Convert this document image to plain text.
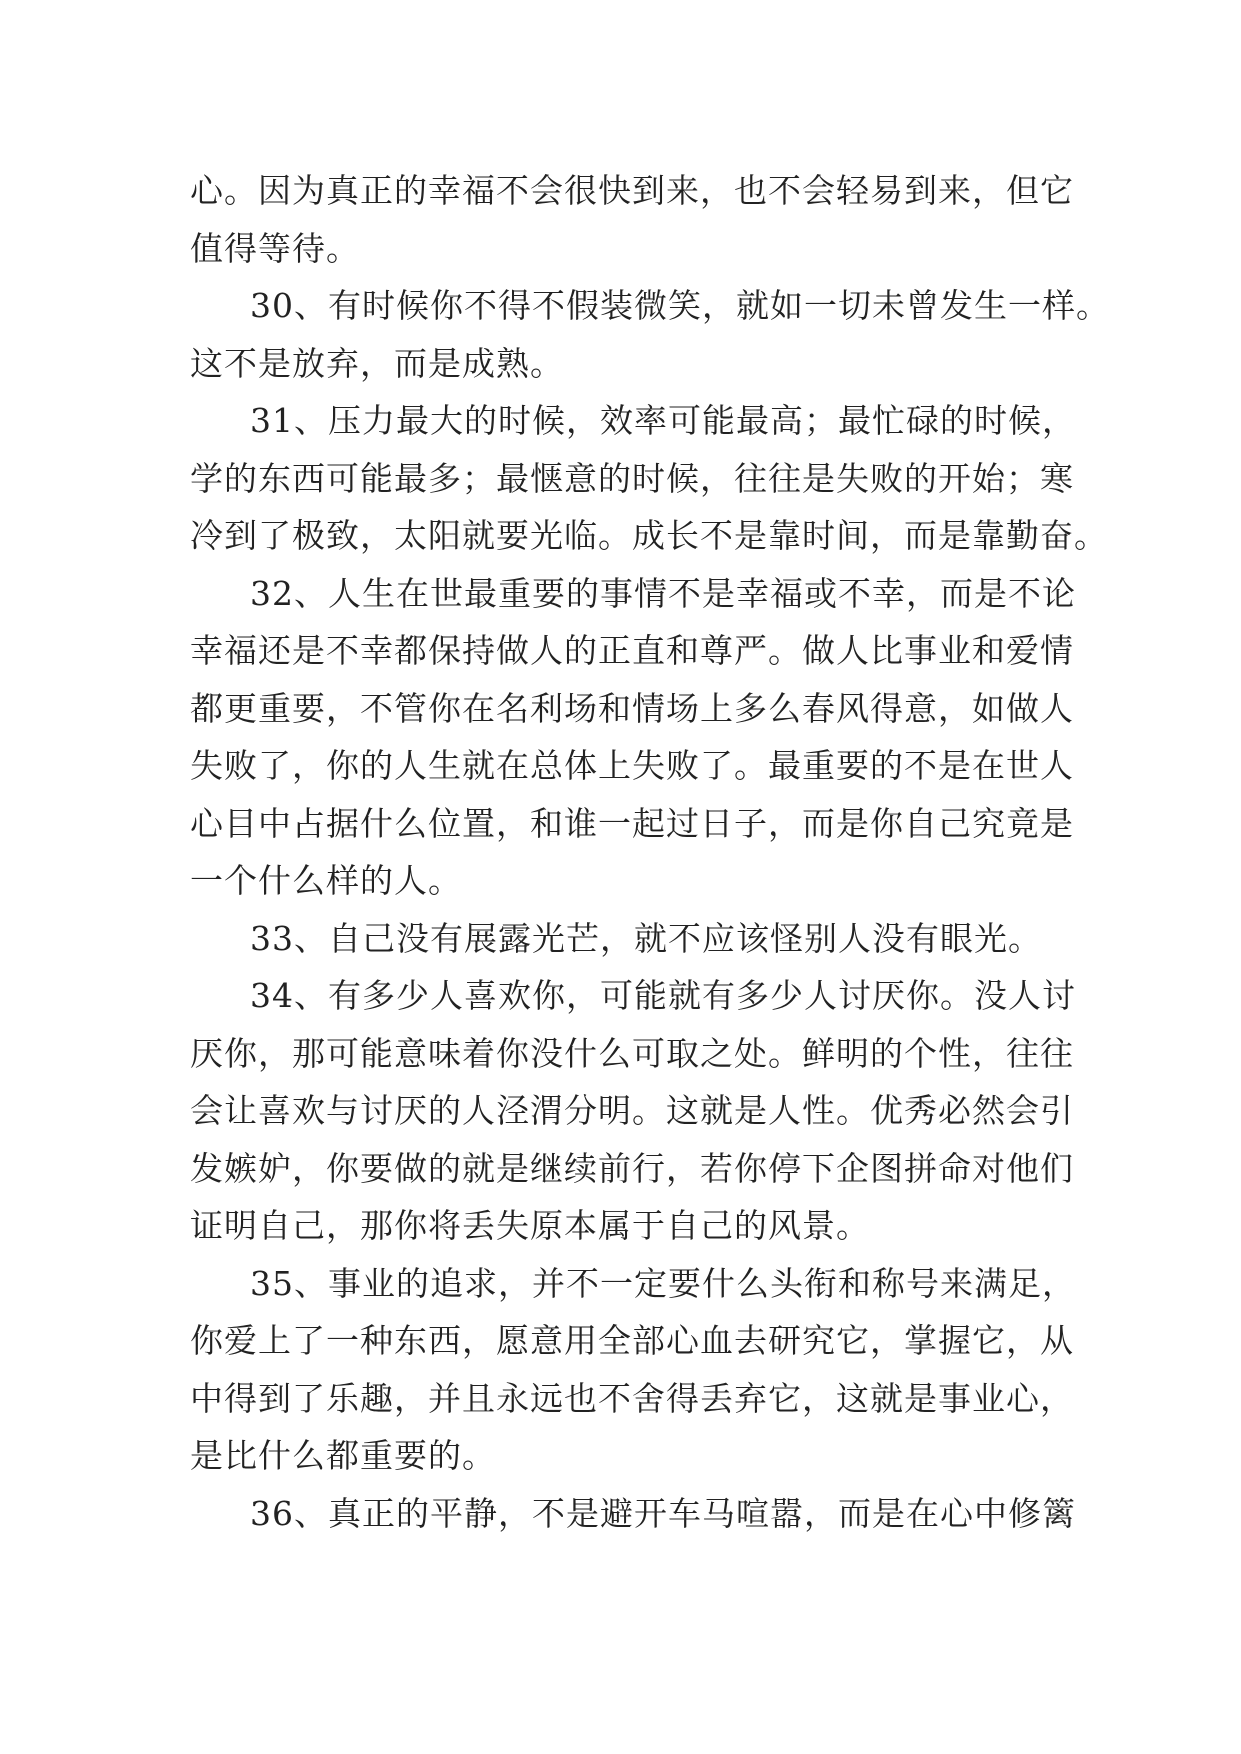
心。因为真正的幸福不会很快到来，也不会轻易到来，但它
值得等待。
30、有时候你不得不假装微笑，就如一切未曾发生一样。
这不是放弃，而是成熟。
31、压力最大的时候，效率可能最高；最忙碌的时候，
学的东西可能最多；最惬意的时候，往往是失败的开始；寒
冷到了极致，太阳就要光临。成长不是靠时间，而是靠勤奋。
32、人生在世最重要的事情不是幸福或不幸，而是不论
幸福还是不幸都保持做人的正直和尊严。做人比事业和爱情
都更重要，不管你在名利场和情场上多么春风得意，如做人
失败了，你的人生就在总体上失败了。最重要的不是在世人
心目中占据什么位置，和谁一起过日子，而是你自己究竟是
一个什么样的人。
33、自己没有展露光芒，就不应该怪别人没有眼光。
34、有多少人喜欢你，可能就有多少人讨厌你。没人讨
厌你，那可能意味着你没什么可取之处。鲜明的个性，往往
会让喜欢与讨厌的人泾渭分明。这就是人性。优秀必然会引
发嫉妒，你要做的就是继续前行，若你停下企图拼命对他们
证明自己，那你将丢失原本属于自己的风景。
35、事业的追求，并不一定要什么头衔和称号来满足，
你爱上了一种东西，愿意用全部心血去研究它，掌握它，从
中得到了乐趣，并且永远也不舍得丢弃它，这就是事业心，
是比什么都重要的。
36、真正的平静，不是避开车马喧嚣，而是在心中修篱
